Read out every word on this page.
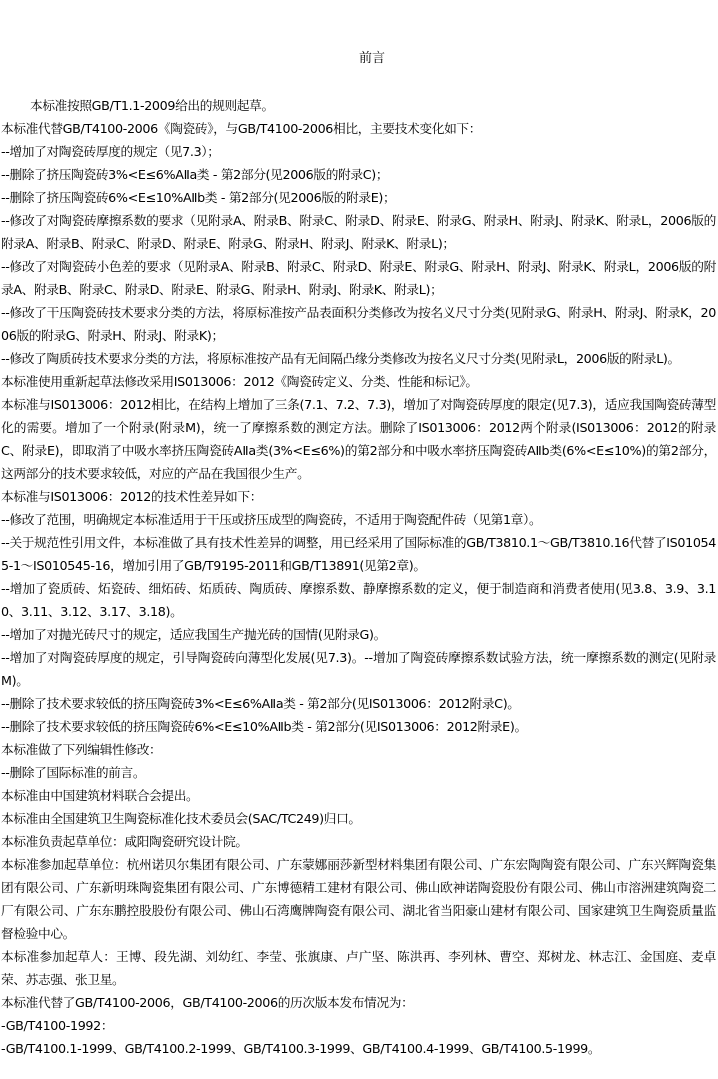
前言

本标准按照GB/T1.1-2009给出的规则起草。

本标准代替GB/T4100-2006《陶瓷砖》，与GB/T4100-2006相比，主要技术变化如下：

--增加了对陶瓷砖厚度的规定（见7.3）；

--删除了挤压陶瓷砖3%<E≤6%AⅡa类 - 第2部分(见2006版的附录C)；

--删除了挤压陶瓷砖6%<E≤10%AⅡb类 - 第2部分(见2006版的附录E)；

--修改了对陶瓷砖摩擦系数的要求（见附录A、附录B、附录C、附录D、附录E、附录G、附录H、附录J、附录K、附录L，2006版的附录A、附录B、附录C、附录D、附录E、附录G、附录H、附录J、附录K、附录L)；

--修改了对陶瓷砖小色差的要求（见附录A、附录B、附录C、附录D、附录E、附录G、附录H、附录J、附录K、附录L，2006版的附录A、附录B、附录C、附录D、附录E、附录G、附录H、附录J、附录K、附录L)；

--修改了干压陶瓷砖技术要求分类的方法，将原标准按产品表面积分类修改为按名义尺寸分类(见附录G、附录H、附录J、附录K，2006版的附录G、附录H、附录J、附录K)；

--修改了陶质砖技术要求分类的方法，将原标准按产品有无间隔凸缘分类修改为按名义尺寸分类(见附录L，2006版的附录L)。

本标准使用重新起草法修改采用IS013006：2012《陶瓷砖定义、分类、性能和标记》。

本标准与IS013006：2012相比，在结构上增加了三条(7.1、7.2、7.3)，增加了对陶瓷砖厚度的限定(见7.3)，适应我国陶瓷砖薄型化的需要。增加了一个附录(附录M)，统一了摩擦系数的测定方法。删除了IS013006：2012两个附录(IS013006：2012的附录C、附录E)，即取消了中吸水率挤压陶瓷砖AⅡa类(3%<E≤6%)的第2部分和中吸水率挤压陶瓷砖AⅡb类(6%<E≤10%)的第2部分，这两部分的技术要求较低，对应的产品在我国很少生产。

本标准与IS013006：2012的技术性差异如下：

--修改了范围，明确规定本标准适用于干压或挤压成型的陶瓷砖，不适用于陶瓷配件砖（见第1章）。

--关于规范性引用文件，本标准做了具有技术性差异的调整，用已经采用了国际标准的GB/T3810.1～GB/T3810.16代替了IS010545-1～IS010545-16，增加引用了GB/T9195-2011和GB/T13891(见第2章)。

--增加了瓷质砖、炻瓷砖、细炻砖、炻质砖、陶质砖、摩擦系数、静摩擦系数的定义，便于制造商和消费者使用(见3.8、3.9、3.10、3.11、3.12、3.17、3.18)。

--增加了对抛光砖尺寸的规定，适应我国生产抛光砖的国情(见附录G)。

--增加了对陶瓷砖厚度的规定，引导陶瓷砖向薄型化发展(见7.3)。--增加了陶瓷砖摩擦系数试验方法，统一摩擦系数的测定(见附录M)。

--删除了技术要求较低的挤压陶瓷砖3%<E≤6%AⅡa类 - 第2部分(见IS013006：2012附录C)。

--删除了技术要求较低的挤压陶瓷砖6%<E≤10%AⅡb类 - 第2部分(见IS013006：2012附录E)。

本标准做了下列编辑性修改：

--删除了国际标准的前言。

本标准由中国建筑材料联合会提出。

本标准由全国建筑卫生陶瓷标准化技术委员会(SAC/TC249)归口。

本标准负责起草单位：咸阳陶瓷研究设计院。

本标准参加起草单位：杭州诺贝尔集团有限公司、广东蒙娜丽莎新型材料集团有限公司、广东宏陶陶瓷有限公司、广东兴辉陶瓷集团有限公司、广东新明珠陶瓷集团有限公司、广东博德精工建材有限公司、佛山欧神诺陶瓷股份有限公司、佛山市溶洲建筑陶瓷二厂有限公司、广东东鹏控股股份有限公司、佛山石湾鹰牌陶瓷有限公司、湖北省当阳豪山建材有限公司、国家建筑卫生陶瓷质量监督检验中心。

本标准参加起草人：王博、段先湖、刘幼红、李莹、张旗康、卢广坚、陈洪再、李列林、曹空、郑树龙、林志江、金国庭、麦卓荣、苏志强、张卫星。

本标准代替了GB/T4100-2006，GB/T4100-2006的历次版本发布情况为：

-GB/T4100-1992：

-GB/T4100.1-1999、GB/T4100.2-1999、GB/T4100.3-1999、GB/T4100.4-1999、GB/T4100.5-1999。
